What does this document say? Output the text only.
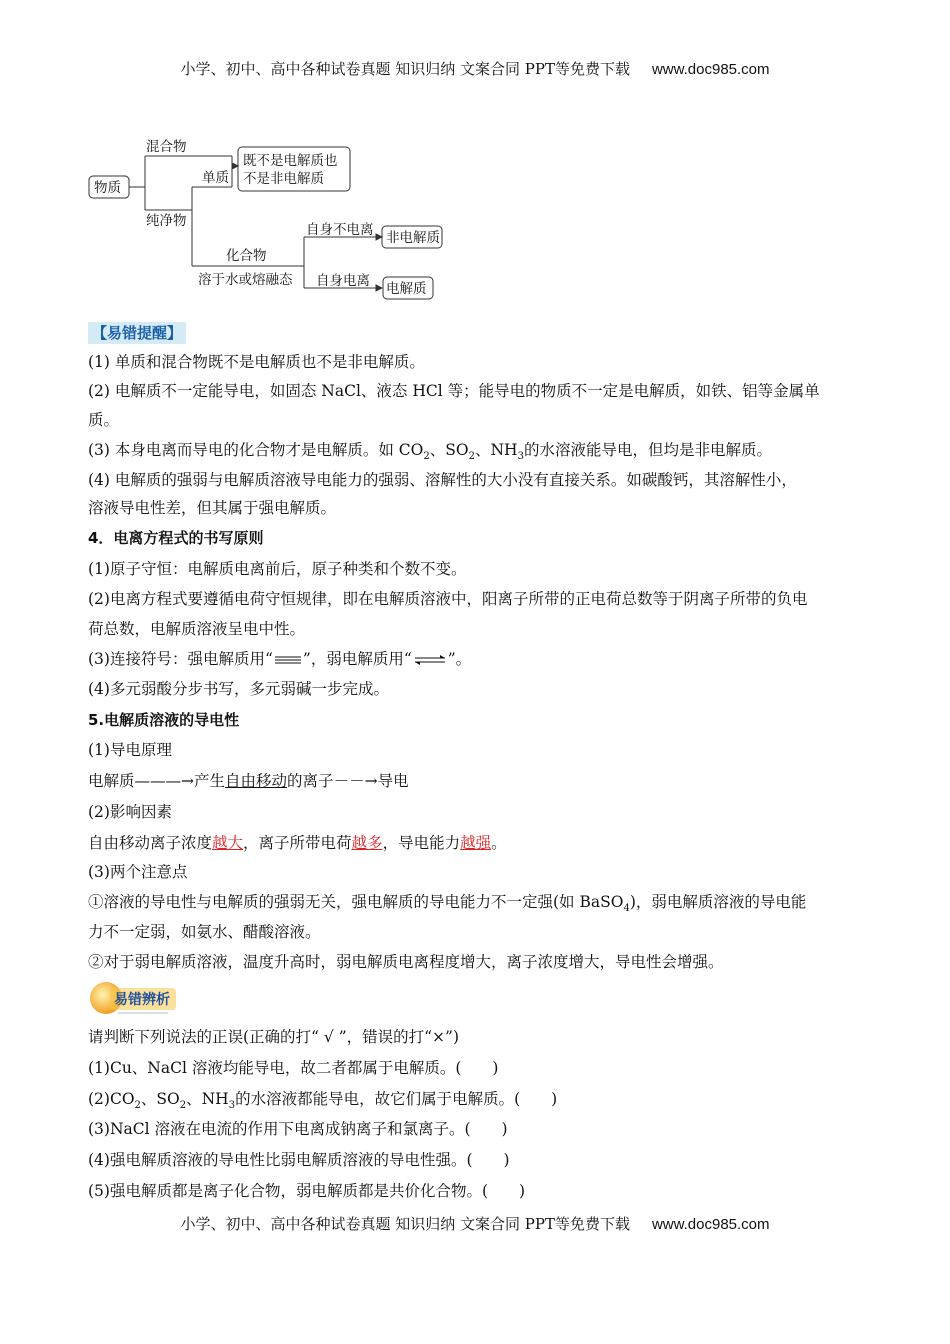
小学、初中、高中各种试卷真题 知识归纳 文案合同 PPT等免费下载 www.doc985.com
物质
混合物
纯净物
单质
化合物
溶于水或熔融态
既不是电解质也
不是非电解质
自身不电离
自身电离
非电解质
电解质
【易错提醒】
(1) 单质和混合物既不是电解质也不是非电解质。
(2) 电解质不一定能导电，如固态 NaCl、液态 HCl 等；能导电的物质不一定是电解质，如铁、铝等金属单
质。
(3) 本身电离而导电的化合物才是电解质。如 $CO_2$、$SO_2$、$NH_3$的水溶液能导电，但均是非电解质。
(4) 电解质的强弱与电解质溶液导电能力的强弱、溶解性的大小没有直接关系。如碳酸钙，其溶解性小，
溶液导电性差，但其属于强电解质。
4．电离方程式的书写原则
(1)原子守恒：电解质电离前后，原子种类和个数不变。
(2)电离方程式要遵循电荷守恒规律，即在电解质溶液中，阳离子所带的正电荷总数等于阴离子所带的负电
荷总数，电解质溶液呈电中性。
(3)连接符号：强电解质用“ ”，弱电解质用“⇌”。
(4)多元弱酸分步书写，多元弱碱一步完成。
5.电解质溶液的导电性
(1)导电原理
电解质———→产生自由移动的离子－－→导电
(2)影响因素
自由移动离子浓度越大，离子所带电荷越多，导电能力越强。
(3)两个注意点
①溶液的导电性与电解质的强弱无关，强电解质的导电能力不一定强(如 BaSO$_4$)，弱电解质溶液的导电能
力不一定弱，如氨水、醋酸溶液。
②对于弱电解质溶液，温度升高时，弱电解质电离程度增大，离子浓度增大，导电性会增强。
易错辨析
请判断下列说法的正误(正确的打“ √ ”，错误的打“×”)
(1)Cu、NaCl 溶液均能导电，故二者都属于电解质。(　　)
$(2)CO_2$、$SO_2$、$NH_3$的水溶液都能导电，故它们属于电解质。(　　)
(3)NaCl 溶液在电流的作用下电离成钠离子和氯离子。(　　)
(4)强电解质溶液的导电性比弱电解质溶液的导电性强。(　　)
(5)强电解质都是离子化合物，弱电解质都是共价化合物。(　　)
小学、初中、高中各种试卷真题 知识归纳 文案合同 PPT等免费下载 www.doc985.com
